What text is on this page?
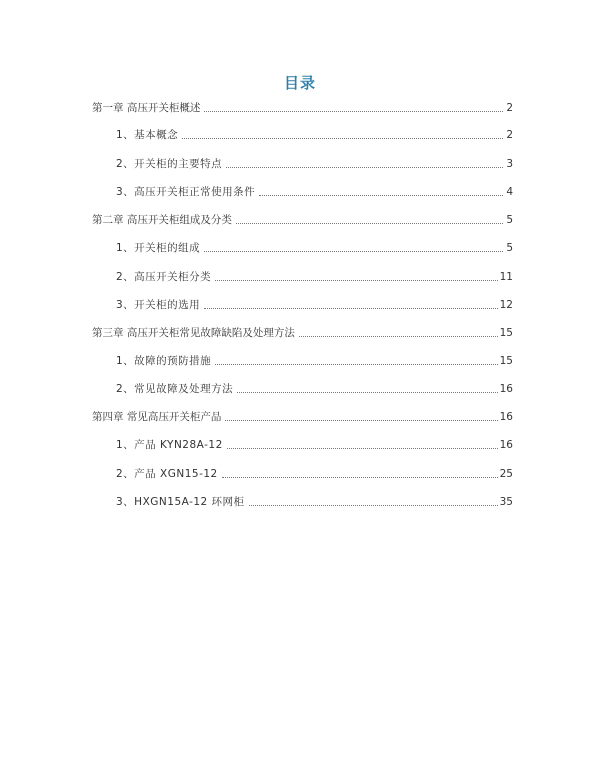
目录
第一章 高压开关柜概述	2
1、基本概念	2
2、开关柜的主要特点	3
3、高压开关柜正常使用条件	4
第二章 高压开关柜组成及分类	5
1、开关柜的组成	5
2、高压开关柜分类	11
3、开关柜的选用	12
第三章 高压开关柜常见故障缺陷及处理方法	15
1、故障的预防措施	15
2、常见故障及处理方法	16
第四章 常见高压开关柜产品	16
1、产品 KYN28A-12	16
2、产品 XGN15-12	25
3、HXGN15A-12 环网柜	35
